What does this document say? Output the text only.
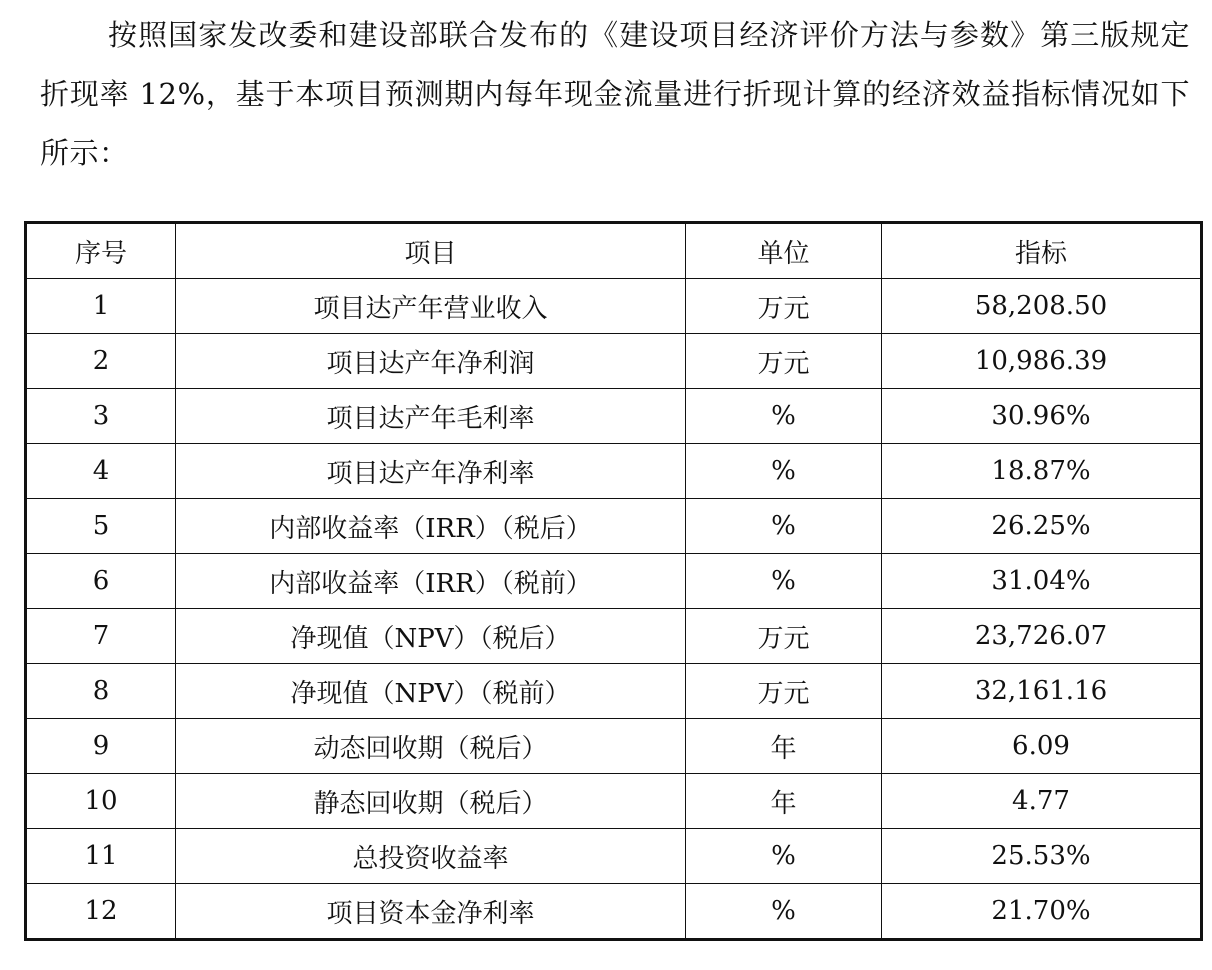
按照国家发改委和建设部联合发布的《建设项目经济评价方法与参数》第三版规定折现率 12%，基于本项目预测期内每年现金流量进行折现计算的经济效益指标情况如下所示：

序号	项目	单位	指标
1	项目达产年营业收入	万元	58,208.50
2	项目达产年净利润	万元	10,986.39
3	项目达产年毛利率	%	30.96%
4	项目达产年净利率	%	18.87%
5	内部收益率（IRR）（税后）	%	26.25%
6	内部收益率（IRR）（税前）	%	31.04%
7	净现值（NPV）（税后）	万元	23,726.07
8	净现值（NPV）（税前）	万元	32,161.16
9	动态回收期（税后）	年	6.09
10	静态回收期（税后）	年	4.77
11	总投资收益率	%	25.53%
12	项目资本金净利率	%	21.70%
